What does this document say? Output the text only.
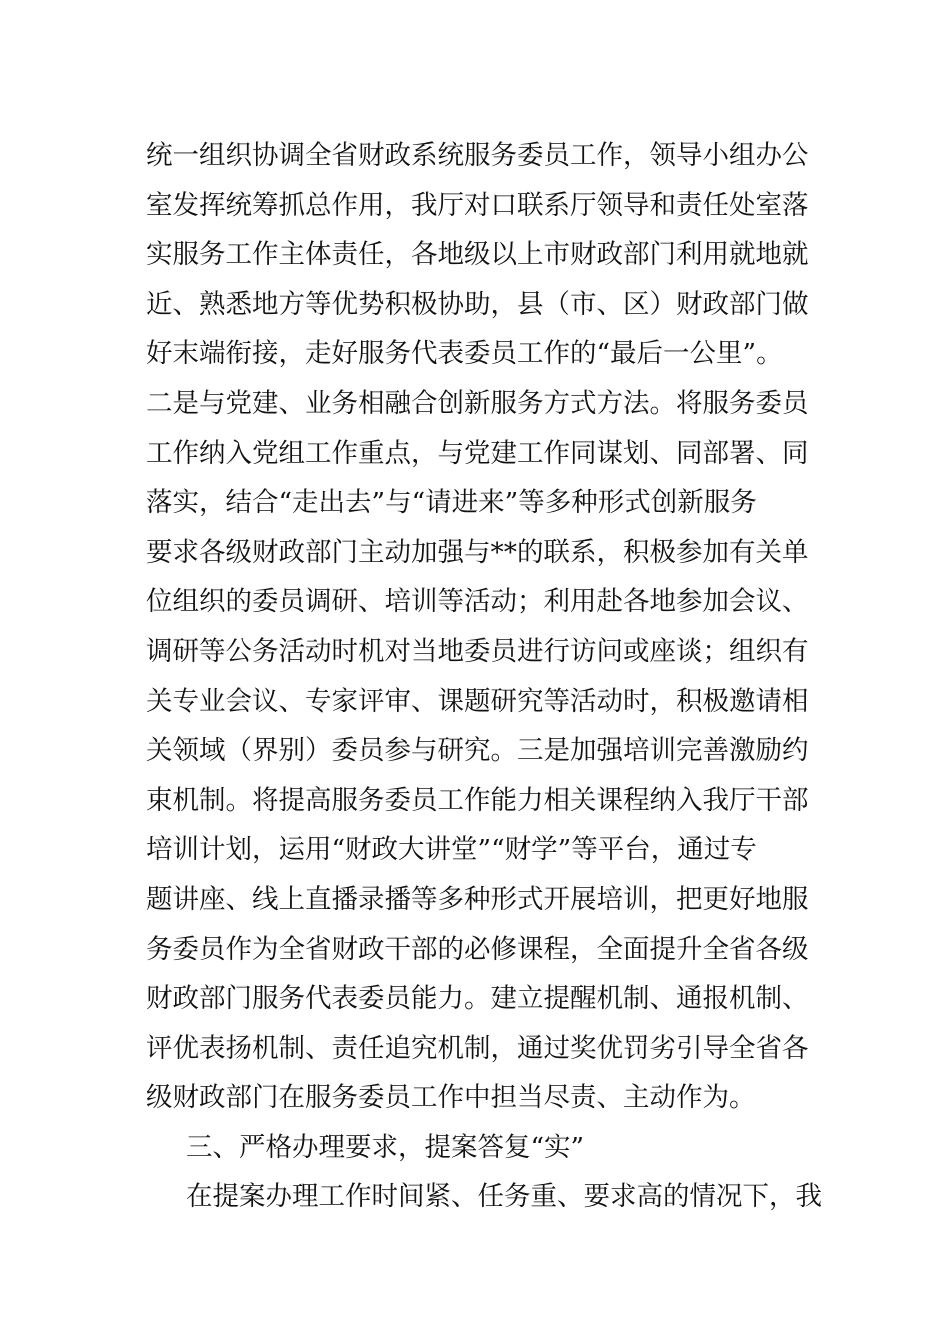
统一组织协调全省财政系统服务委员工作，领导小组办公
室发挥统筹抓总作用，我厅对口联系厅领导和责任处室落
实服务工作主体责任，各地级以上市财政部门利用就地就
近、熟悉地方等优势积极协助，县（市、区）财政部门做
好末端衔接，走好服务代表委员工作的“最后一公里”。
二是与党建、业务相融合创新服务方式方法。将服务委员
工作纳入党组工作重点，与党建工作同谋划、同部署、同
落实，结合“走出去”与“请进来”等多种形式创新服务
要求各级财政部门主动加强与**的联系，积极参加有关单
位组织的委员调研、培训等活动；利用赴各地参加会议、
调研等公务活动时机对当地委员进行访问或座谈；组织有
关专业会议、专家评审、课题研究等活动时，积极邀请相
关领域（界别）委员参与研究。三是加强培训完善激励约
束机制。将提高服务委员工作能力相关课程纳入我厅干部
培训计划，运用“财政大讲堂”“财学”等平台，通过专
题讲座、线上直播录播等多种形式开展培训，把更好地服
务委员作为全省财政干部的必修课程，全面提升全省各级
财政部门服务代表委员能力。建立提醒机制、通报机制、
评优表扬机制、责任追究机制，通过奖优罚劣引导全省各
级财政部门在服务委员工作中担当尽责、主动作为。
三、严格办理要求，提案答复“实”
在提案办理工作时间紧、任务重、要求高的情况下，我
